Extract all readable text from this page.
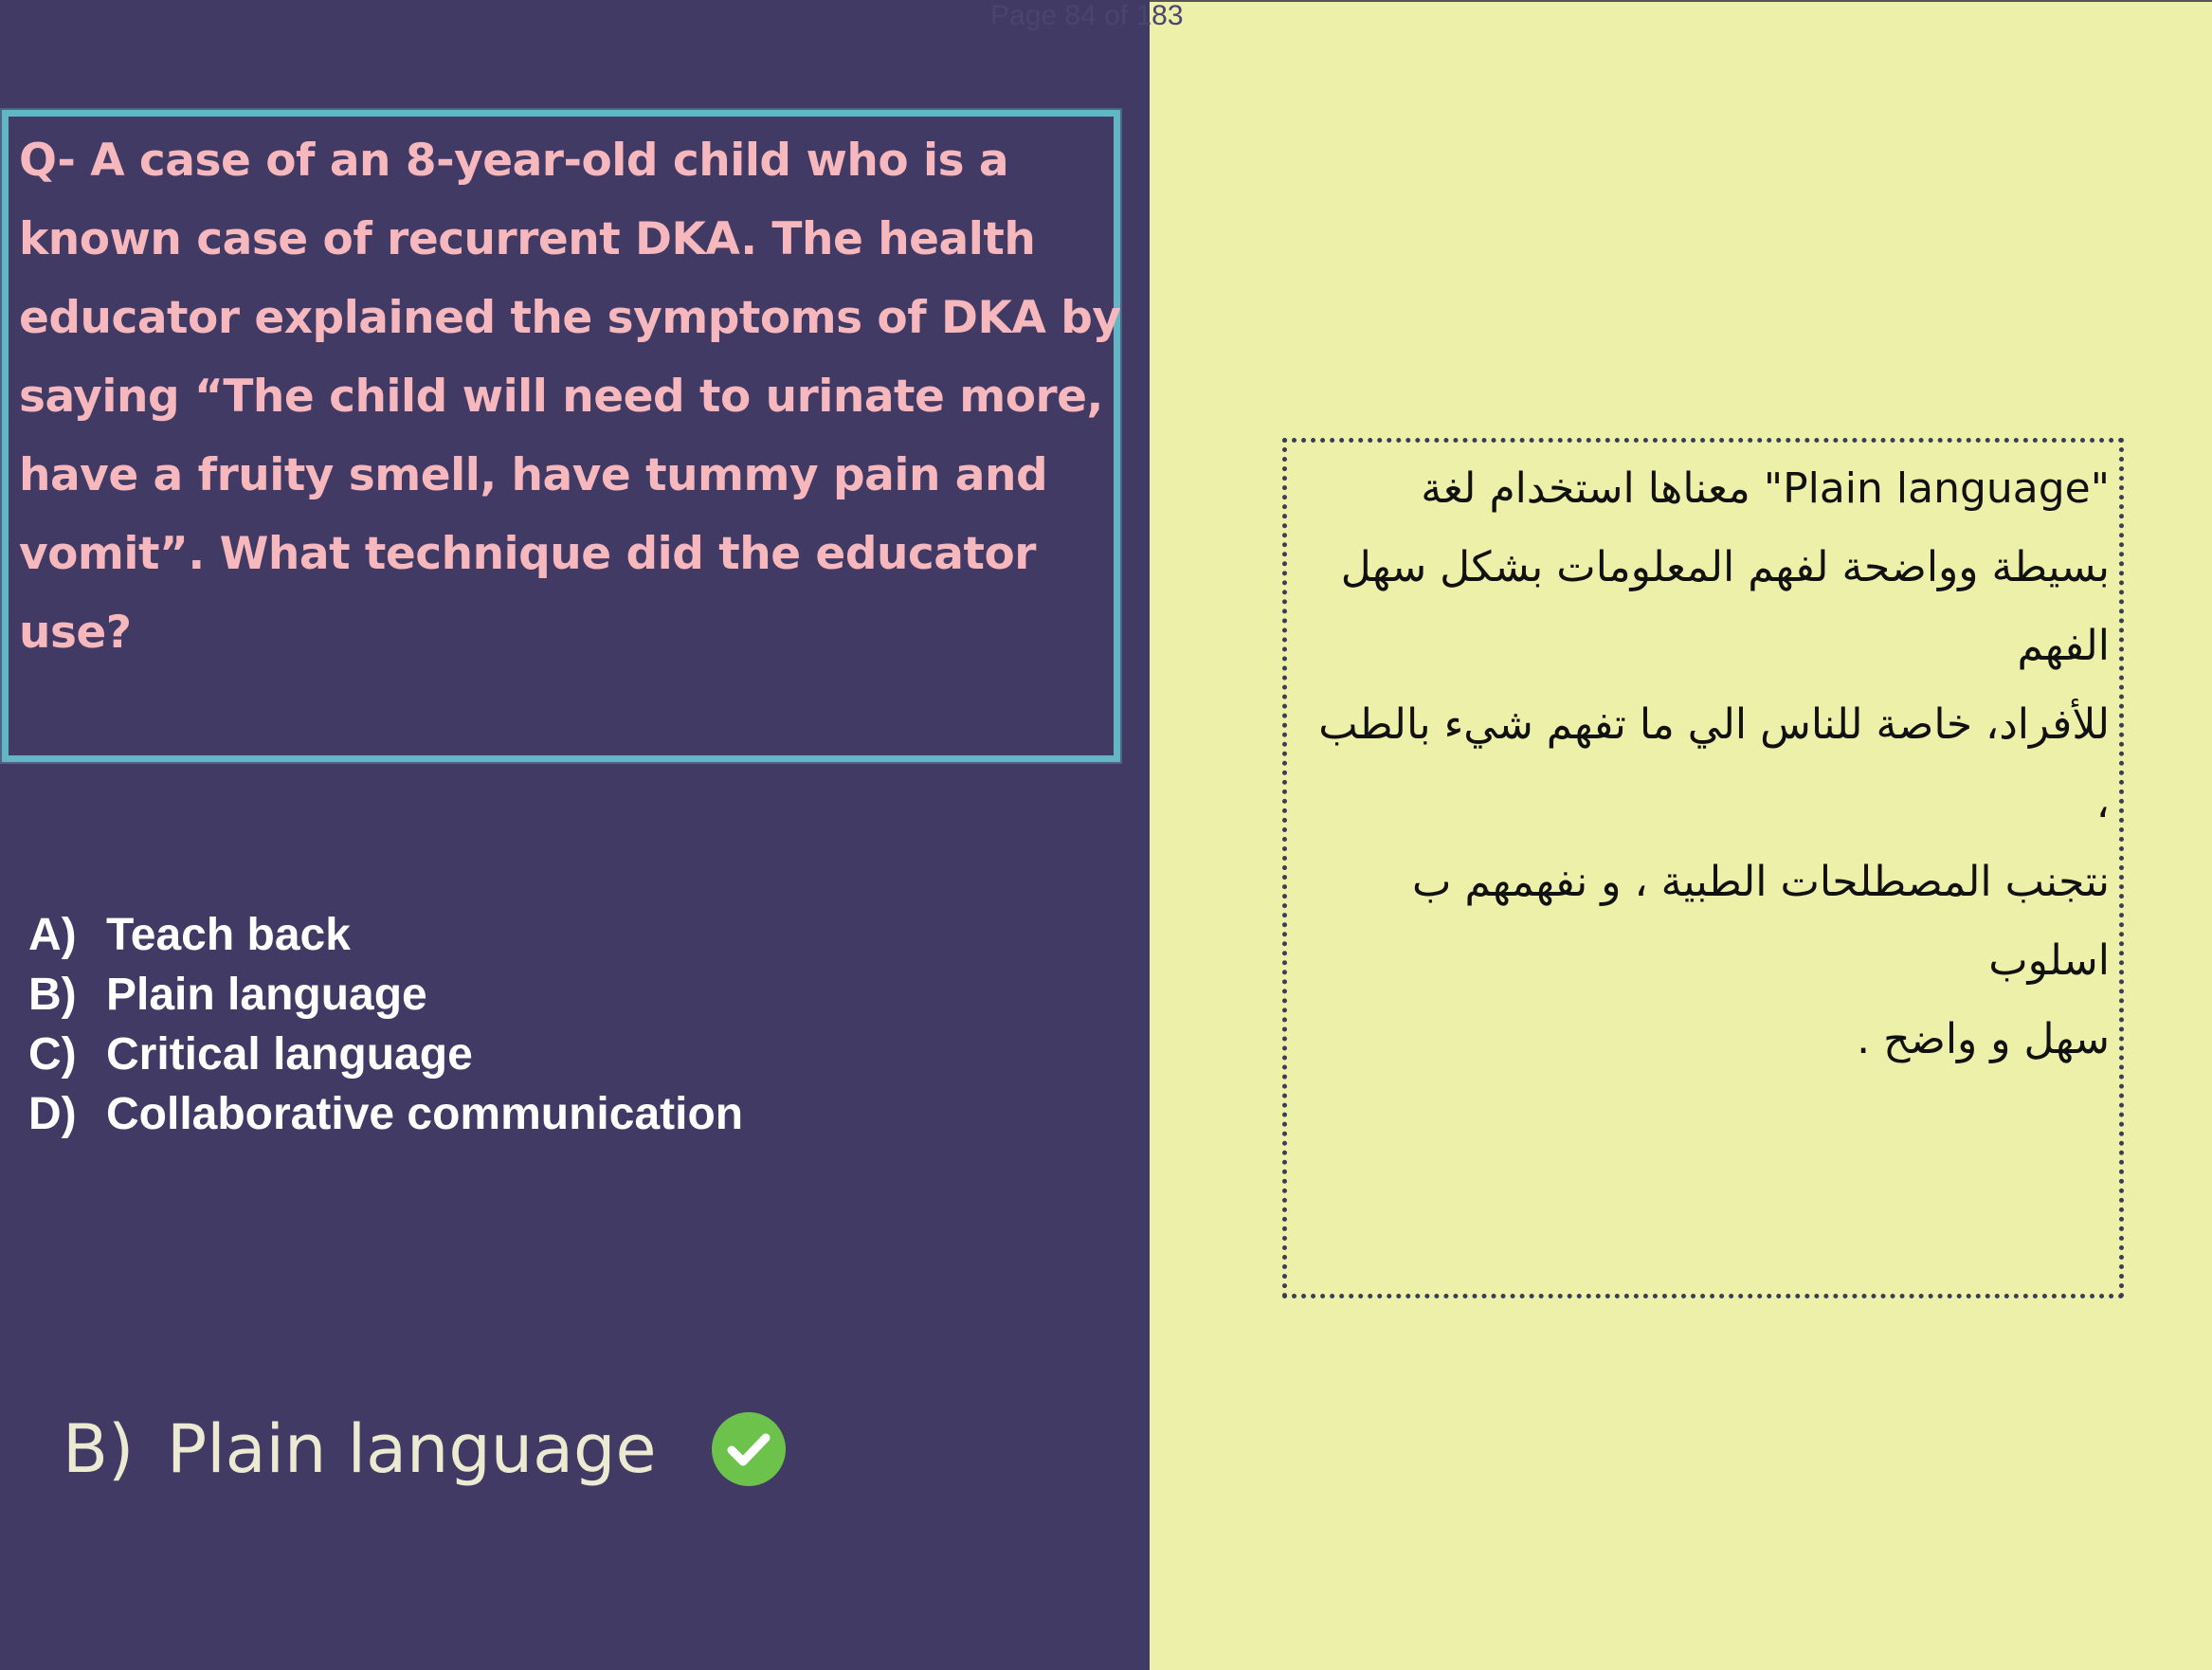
Page 84 of 183
Q- A case of an 8-year-old child who is a
known case of recurrent DKA. The health
educator explained the symptoms of DKA by
saying “The child will need to urinate more,
have a fruity smell, have tummy pain and
vomit”. What technique did the educator use?
A) Teach back
B) Plain language
C) Critical language
D) Collaborative communication
B) Plain language
"Plain language" معناها استخدام لغة
بسيطة وواضحة لفهم المعلومات بشكل سهل الفهم
للأفراد، خاصة للناس الي ما تفهم شيء بالطب ،
نتجنب المصطلحات الطبية ، و نفهمهم ب اسلوب
سهل و واضح .
